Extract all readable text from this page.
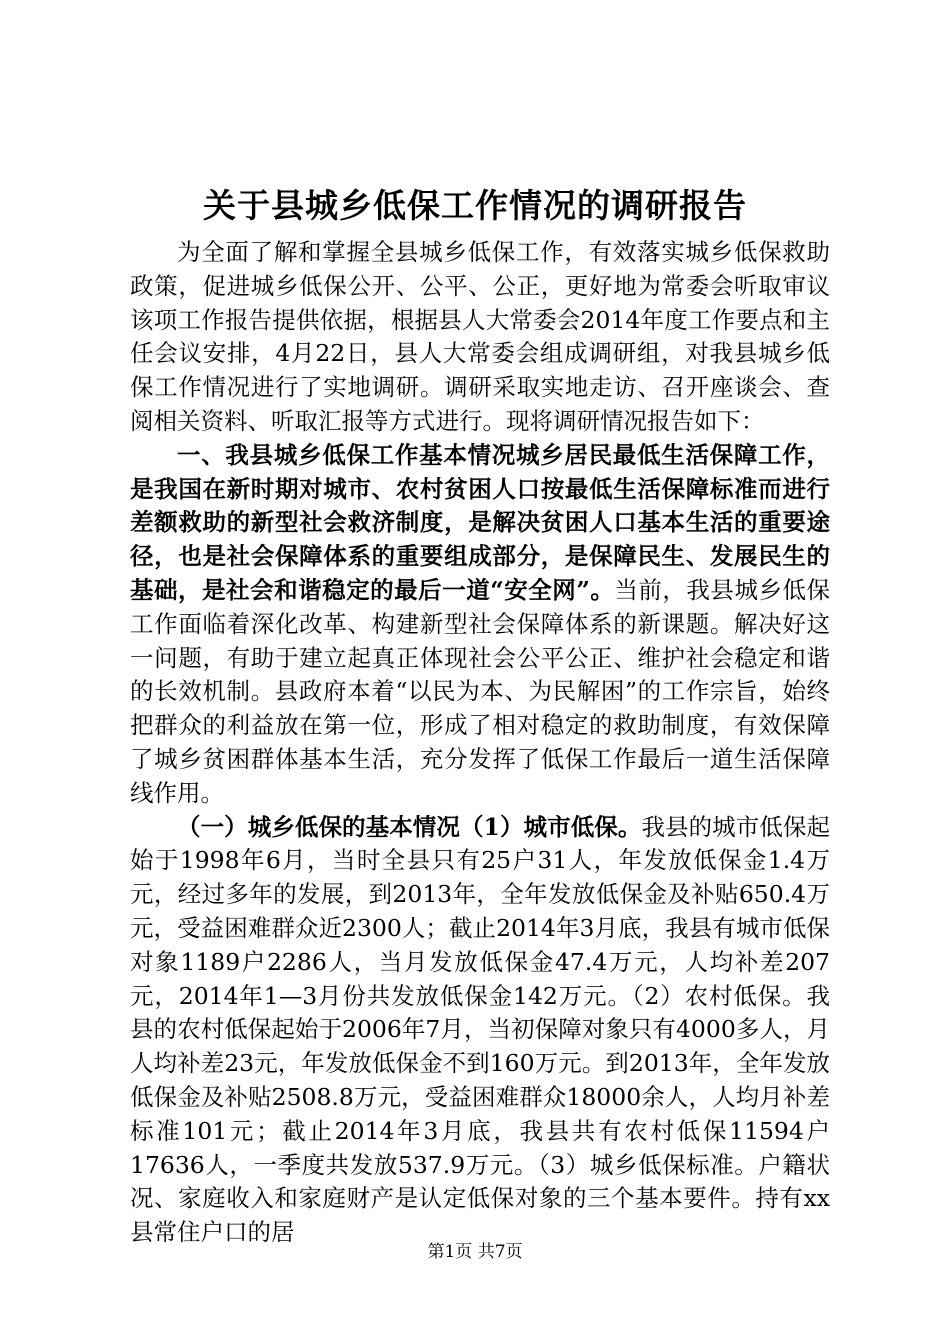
关于县城乡低保工作情况的调研报告

为全面了解和掌握全县城乡低保工作，有效落实城乡低保救助政策，促进城乡低保公开、公平、公正，更好地为常委会听取审议该项工作报告提供依据，根据县人大常委会2014年度工作要点和主任会议安排，4月22日，县人大常委会组成调研组，对我县城乡低保工作情况进行了实地调研。调研采取实地走访、召开座谈会、查阅相关资料、听取汇报等方式进行。现将调研情况报告如下：

一、我县城乡低保工作基本情况城乡居民最低生活保障工作，是我国在新时期对城市、农村贫困人口按最低生活保障标准而进行差额救助的新型社会救济制度，是解决贫困人口基本生活的重要途径，也是社会保障体系的重要组成部分，是保障民生、发展民生的基础，是社会和谐稳定的最后一道“安全网”。当前，我县城乡低保工作面临着深化改革、构建新型社会保障体系的新课题。解决好这一问题，有助于建立起真正体现社会公平公正、维护社会稳定和谐的长效机制。县政府本着“以民为本、为民解困”的工作宗旨，始终把群众的利益放在第一位，形成了相对稳定的救助制度，有效保障了城乡贫困群体基本生活，充分发挥了低保工作最后一道生活保障线作用。

（一）城乡低保的基本情况（1）城市低保。我县的城市低保起始于1998年6月，当时全县只有25户31人，年发放低保金1.4万元，经过多年的发展，到2013年，全年发放低保金及补贴650.4万元，受益困难群众近2300人；截止2014年3月底，我县有城市低保对象1189户2286人，当月发放低保金47.4万元，人均补差207元，2014年1—3月份共发放低保金142万元。（2）农村低保。我县的农村低保起始于2006年7月，当初保障对象只有4000多人，月人均补差23元，年发放低保金不到160万元。到2013年，全年发放低保金及补贴2508.8万元，受益困难群众18000余人，人均月补差标准101元；截止2014年3月底，我县共有农村低保11594户17636人，一季度共发放537.9万元。（3）城乡低保标准。户籍状况、家庭收入和家庭财产是认定低保对象的三个基本要件。持有xx县常住户口的居

第1页 共7页
